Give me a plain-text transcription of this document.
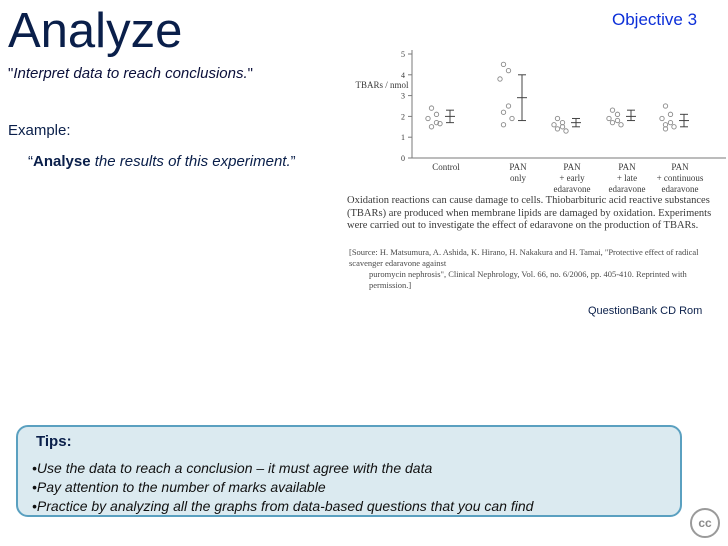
Analyze	Objective 3
"Interpret data to reach conclusions."
Example:
“Analyse the results of this experiment.”	0
1
2
3
4
5
TBARs / nmol
Control	PAN
only
PAN
+ early
edaravone
PAN
+ late
edaravone
PAN
+ continuous
edaravone
Oxidation reactions can cause damage to cells. Thiobarbituric acid reactive substances (TBARs) are produced when membrane lipids are damaged by oxidation. Experiments were carried out to investigate the effect of edaravone on the production of TBARs.
[Source: H. Matsumura, A. Ashida, K. Hirano, H. Nakakura and H. Tamai, "Protective effect of radical scavenger edaravone against
puromycin nephrosis", Clinical Nephrology, Vol. 66, no. 6/2006, pp. 405-410. Reprinted with permission.]
QuestionBank CD Rom
Tips:
•Use the data to reach a conclusion – it must agree with the data
•Pay attention to the number of marks available
•Practice by analyzing all the graphs from data-based questions that you can find
cc
